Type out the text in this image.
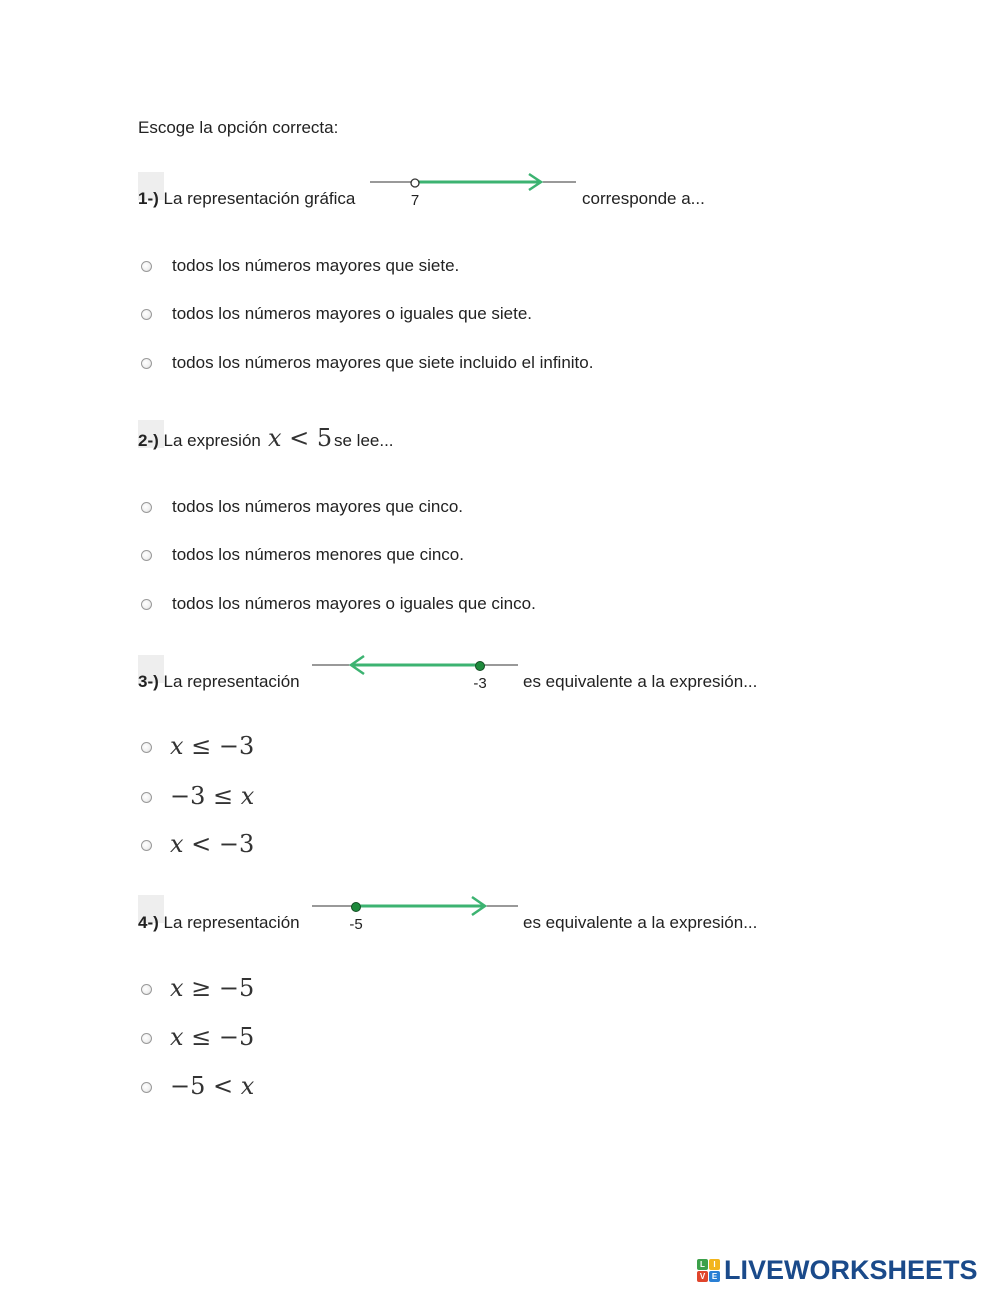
Escoge la opción correcta:
1-) La representación gráfica	7	corresponde a...
todos los números mayores que siete.
todos los números mayores o iguales que siete.
todos los números mayores que siete incluido el infinito.
2-) La expresión x < 5 se lee...
todos los números mayores que cinco.
todos los números menores que cinco.
todos los números mayores o iguales que cinco.
3-) La representación	-3 es equivalente a la expresión...
x ≤ −3
−3 ≤ x
x < −3
4-) La representación	-5	es equivalente a la expresión...
x ≥ −5
x ≤ −5
−5 < x
L	I
V E LIVEWORKSHEETS
